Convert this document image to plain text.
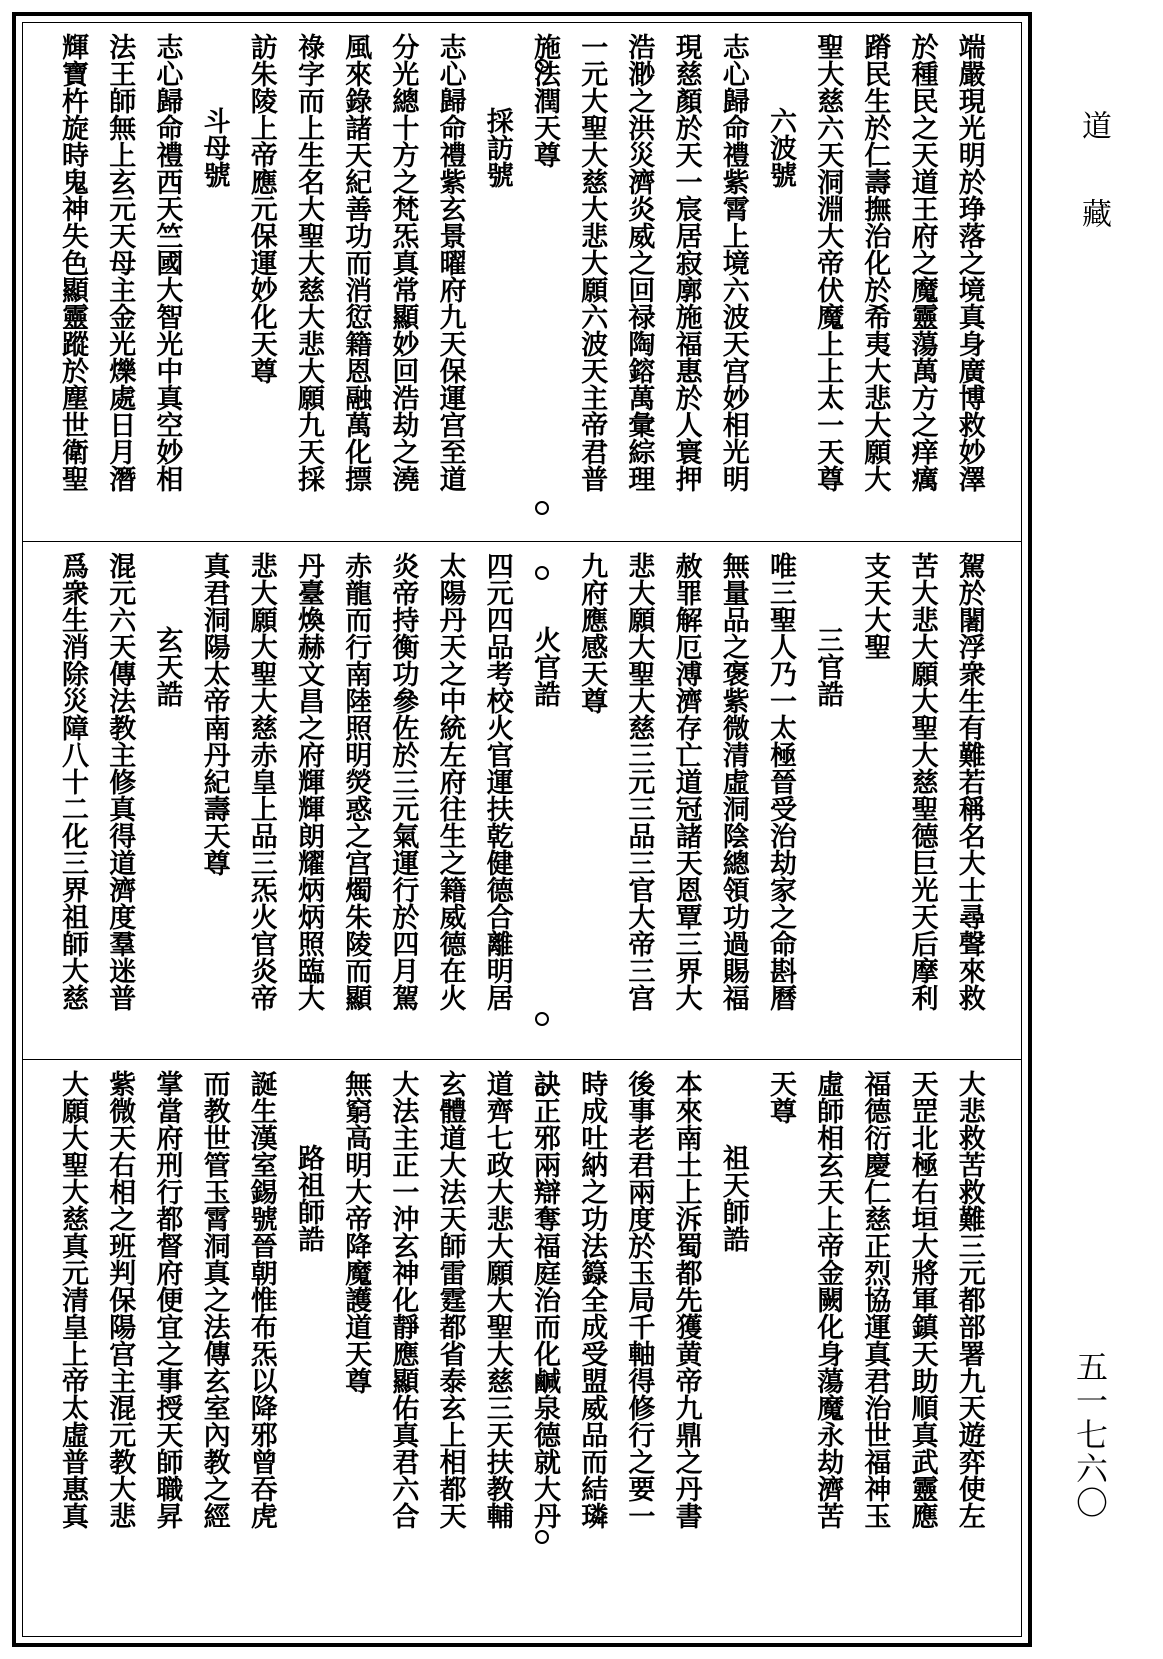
端嚴現光明於琤落之境真身廣博救妙澤
於種民之天道王府之魔靈蕩萬方之痒癘
蹐民生於仁壽撫治化於希夷大悲大願大
聖大慈六天洞淵大帝伏魔上上太一天尊
六波號
志心歸命禮紫霄上境六波天宫妙相光明
現慈顏於天一宸居寂廓施福惠於人寰押
浩渺之洪災濟炎威之回禄陶鎔萬彙綜理
一元大聖大慈大悲大願六波天主帝君普
施法潤天尊
採訪號
志心歸命禮紫玄景曜府九天保運宫至道
分光總十方之梵炁真常顯妙回浩劫之澆
風來錄諸天紀善功而消愆籍恩融萬化摽
祿字而上生名大聖大慈大悲大願九天採
訪朱陵上帝應元保運妙化天尊
斗母號
志心歸命禮西天竺國大智光中真空妙相
法王師無上玄元天母主金光爍處日月潛
輝寶杵旋時鬼神失色顯靈蹤於塵世衛聖
駕於闍浮衆生有難若稱名大士尋聲來救
苦大悲大願大聖大慈聖德巨光天后摩利
支天大聖
三官誥
唯三聖人乃一太極晉受治劫家之命斟曆
無量品之褒紫微清虛洞陰總領功過賜福
赦罪解厄溥濟存亡道冠諸天恩覃三界大
悲大願大聖大慈三元三品三官大帝三宫
九府應感天尊
火官誥
四元四品考校火官運扶乾健德合離明居
太陽丹天之中統左府往生之籍威德在火
炎帝持衡功參佐於三元氣運行於四月駕
赤龍而行南陸照明熒惑之宫燭朱陵而顯
丹臺煥赫文昌之府輝輝朗耀炳炳照臨大
悲大願大聖大慈赤皇上品三炁火官炎帝
真君洞陽太帝南丹紀壽天尊
玄天誥
混元六天傳法教主修真得道濟度羣迷普
爲衆生消除災障八十二化三界祖師大慈
大悲救苦救難三元都部署九天遊弈使左
天罡北極右垣大將軍鎮天助順真武靈應
福德衍慶仁慈正烈協運真君治世福神玉
虛師相玄天上帝金闕化身蕩魔永劫濟苦
天尊
祖天師誥
本來南土上泝蜀都先獲黄帝九鼎之丹書
後事老君兩度於玉局千軸得修行之要一
時成吐納之功法籙全成受盟威品而結璘
訣正邪兩辯奪福庭治而化鹹泉德就大丹
道齊七政大悲大願大聖大慈三天扶教輔
玄體道大法天師雷霆都省泰玄上相都天
大法主正一沖玄神化靜應顯佑真君六合
無窮高明大帝降魔護道天尊
路祖師誥
誕生漢室錫號晉朝惟布炁以降邪曾吞虎
而教世管玉霄洞真之法傳玄室內教之經
掌當府刑行都督府便宜之事授天師職昇
紫微天右相之班判保陽宫主混元教大悲
大願大聖大慈真元清皇上帝太虛普惠真
道藏
五一七六〇
